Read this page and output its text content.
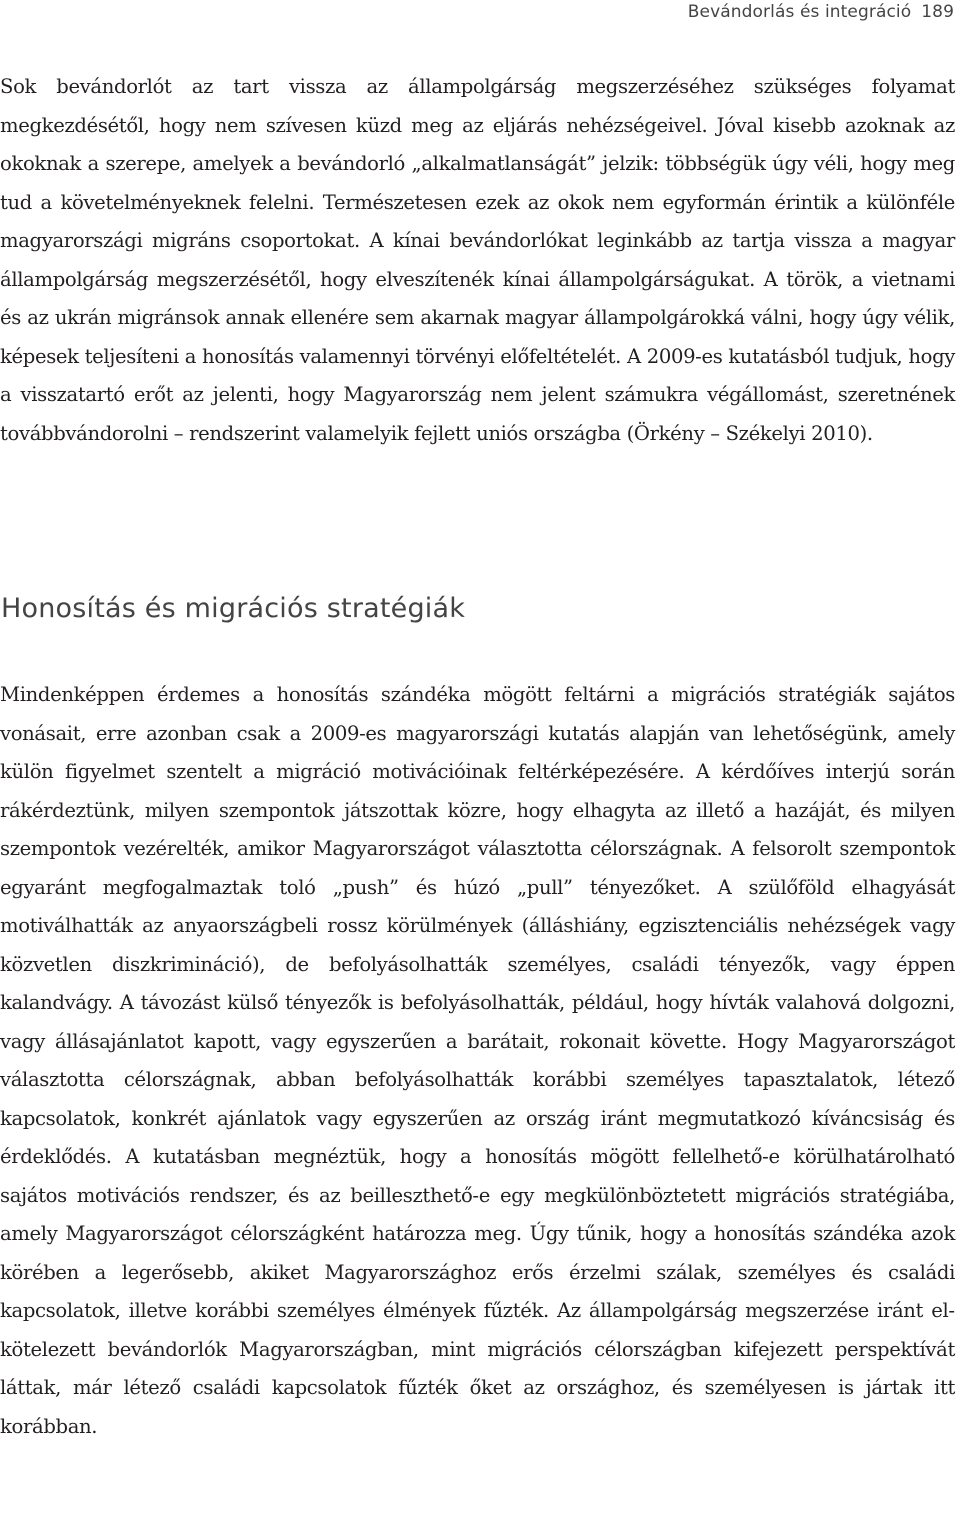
Bevándorlás és integráció 189

Sok bevándorlót az tart vissza az állampolgárság megszerzéséhez szükséges folyamat megkezdésétől, hogy nem szívesen küzd meg az eljárás nehézségeivel. Jóval kisebb azoknak az okoknak a szerepe, amelyek a bevándorló „alkalmatlanságát” jelzik: többségük úgy véli, hogy meg tud a követelményeknek felelni. Természetesen ezek az okok nem egyformán érintik a különféle magyarországi migráns csoportokat. A kínai bevándorlókat leginkább az tartja vissza a magyar állampolgárság megszerzésétől, hogy elveszítenék kínai állampolgárságukat. A török, a vietnami és az ukrán migránsok annak ellenére sem akarnak magyar állampolgárokká válni, hogy úgy vélik, képesek teljesíteni a honosítás valamennyi törvényi előfeltételét. A 2009-es kutatásból tudjuk, hogy a visszatartó erőt az jelenti, hogy Magyarország nem jelent számukra végállomást, szeretnének továbbvándorolni – rendszerint valamelyik fejlett uniós országba (Örkény – Székelyi 2010).

Honosítás és migrációs stratégiák

Mindenképpen érdemes a honosítás szándéka mögött feltárni a migrációs stratégiák sajátos vonásait, erre azonban csak a 2009-es magyarországi kutatás alapján van lehetőségünk, amely külön figyelmet szentelt a migráció motivációinak feltérképezésére. A kérdőíves interjú során rákérdeztünk, milyen szempontok játszottak közre, hogy elhagyta az illető a hazáját, és milyen szempontok vezérelték, amikor Magyarországot választotta célországnak. A felsorolt szempontok egyaránt megfogalmaztak toló „push” és húzó „pull” tényezőket. A szülőföld elhagyását motiválhatták az anyaországbeli rossz körülmények (álláshiány, egzisztenciális nehézségek vagy közvetlen diszkrimináció), de befolyásolhatták személyes, családi tényezők, vagy éppen kalandvágy. A távozást külső tényezők is befolyásolhatták, például, hogy hívták valahová dolgozni, vagy állásajánlatot kapott, vagy egyszerűen a barátait, rokonait követte. Hogy Magyarországot választotta célországnak, abban befolyásolhatták korábbi személyes tapasztalatok, létező kapcsolatok, konkrét ajánlatok vagy egyszerűen az ország iránt megmutatkozó kíváncsiság és érdeklődés. A kutatásban megnéztük, hogy a honosítás mögött fellelhető-e körülhatárolható sajátos motivációs rendszer, és az beilleszthető-e egy megkülönböztetett migrációs stratégiába, amely Magyarországot célországként határozza meg. Úgy tűnik, hogy a honosítás szándéka azok körében a legerősebb, akiket Magyarországhoz erős érzelmi szálak, személyes és családi kapcsolatok, illetve korábbi személyes élmények fűzték. Az állampolgárság megszerzése iránt elkötelezett bevándorlók Magyarországban, mint migrációs célországban kifejezett perspektívát láttak, már létező családi kapcsolatok fűzték őket az országhoz, és személyesen is jártak itt korábban.
